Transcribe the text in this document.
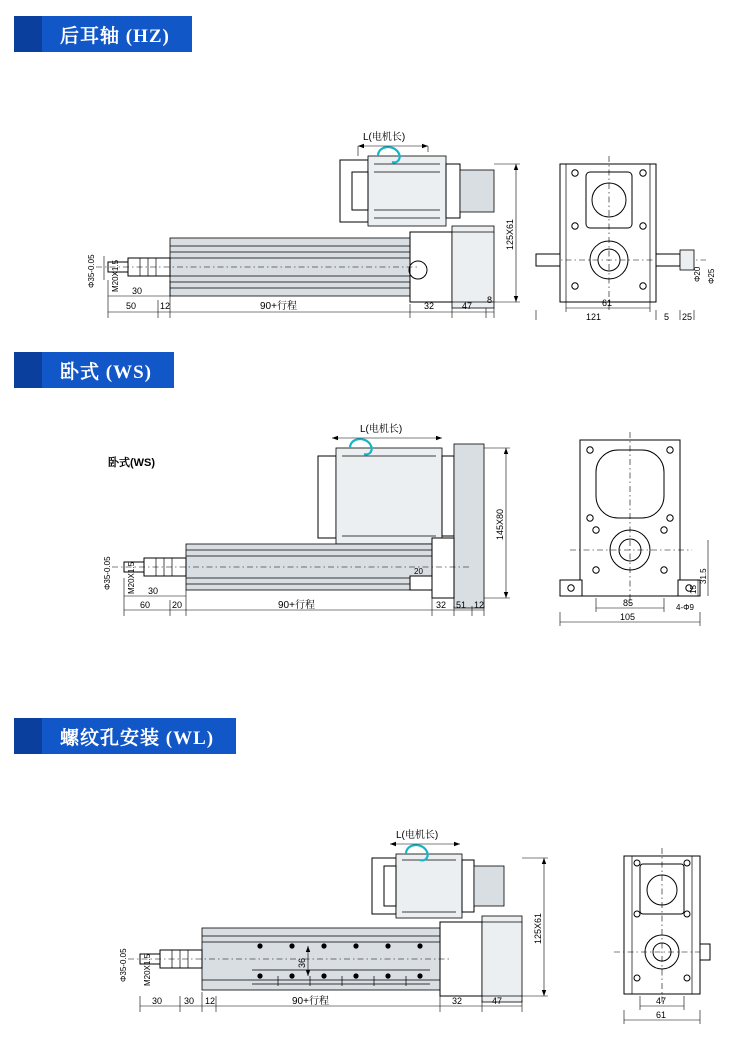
后耳轴 (HZ)
L(电机长)
Φ35-0.05 M20X1.5 30
50	12	90+行程	32	47
8
125X61
Φ20 Φ25
61
121	5 25
卧式 (WS)
卧式(WS)
L(电机长)
Φ35-0.05 M20X1.5	20
30
60 20	90+行程	32 51 12
145X80
31.5
15
85
105
4-Φ9
螺纹孔安装 (WL)
L(电机长)
Φ35-0.05 M20X1.5	36
30 30 12	90+行程	32	47
125X61
47
61
